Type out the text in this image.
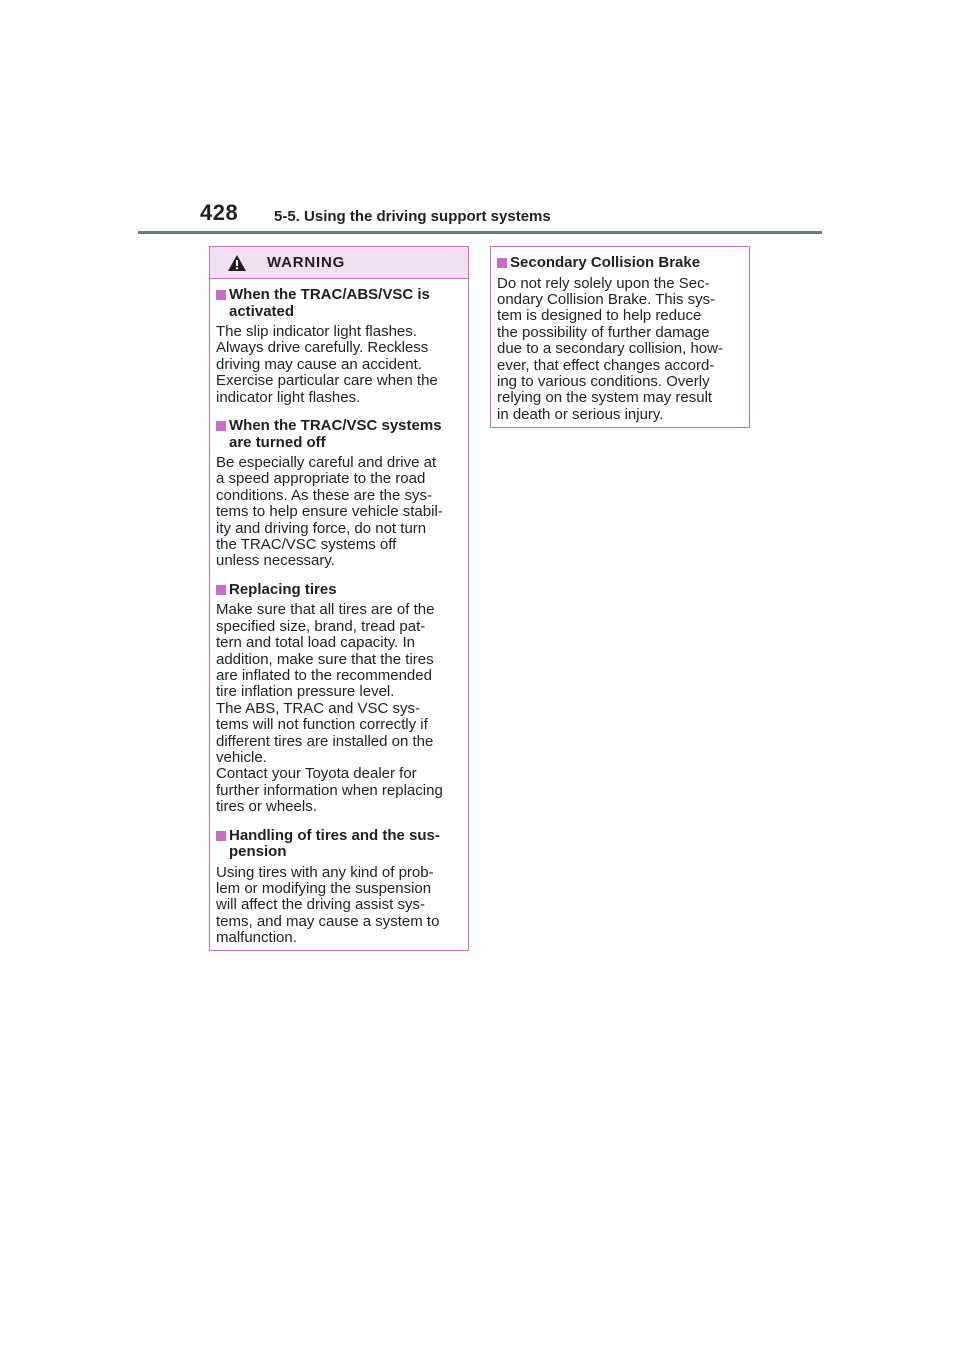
428 5-5. Using the driving support systems
WARNING
When the TRAC/ABS/VSC is
activated
The slip indicator light flashes.
Always drive carefully. Reckless
driving may cause an accident.
Exercise particular care when the
indicator light flashes.
When the TRAC/VSC systems
are turned off
Be especially careful and drive at
a speed appropriate to the road
conditions. As these are the sys-
tems to help ensure vehicle stabil-
ity and driving force, do not turn
the TRAC/VSC systems off
unless necessary.
Replacing tires
Make sure that all tires are of the
specified size, brand, tread pat-
tern and total load capacity. In
addition, make sure that the tires
are inflated to the recommended
tire inflation pressure level.
The ABS, TRAC and VSC sys-
tems will not function correctly if
different tires are installed on the
vehicle.
Contact your Toyota dealer for
further information when replacing
tires or wheels.
Handling of tires and the sus-
pension
Using tires with any kind of prob-
lem or modifying the suspension
will affect the driving assist sys-
tems, and may cause a system to
malfunction.
Secondary Collision Brake
Do not rely solely upon the Sec-
ondary Collision Brake. This sys-
tem is designed to help reduce
the possibility of further damage
due to a secondary collision, how-
ever, that effect changes accord-
ing to various conditions. Overly
relying on the system may result
in death or serious injury.
